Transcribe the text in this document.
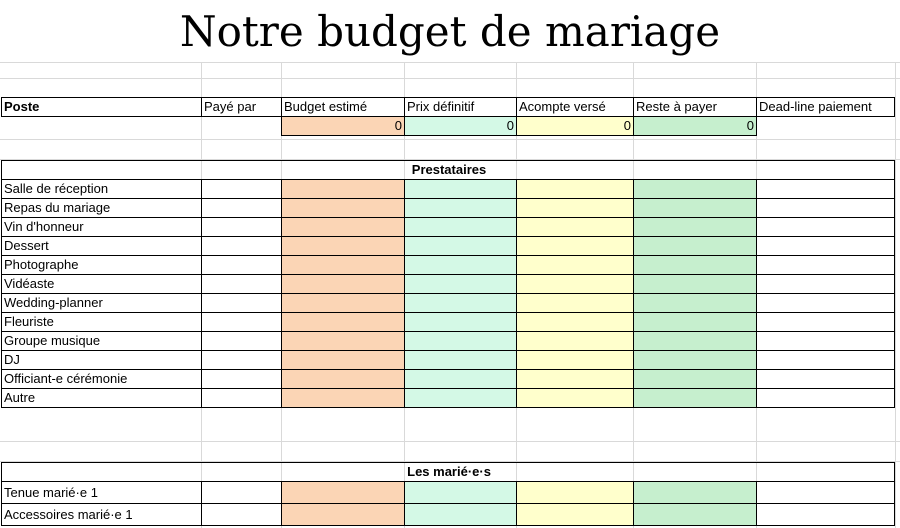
Notre budget de mariage
Poste	Payé par	Budget estimé	Prix définitif	Acompte versé	Reste à payer	Dead-line paiement
		0	0	0	0	
Prestataires						
Salle de réception						
Repas du mariage						
Vin d'honneur						
Dessert						
Photographe						
Vidéaste						
Wedding-planner						
Fleuriste						
Groupe musique						
DJ						
Officiant-e cérémonie						
Autre						
Les marié·e·s						
Tenue marié·e 1						
Accessoires marié·e 1						
